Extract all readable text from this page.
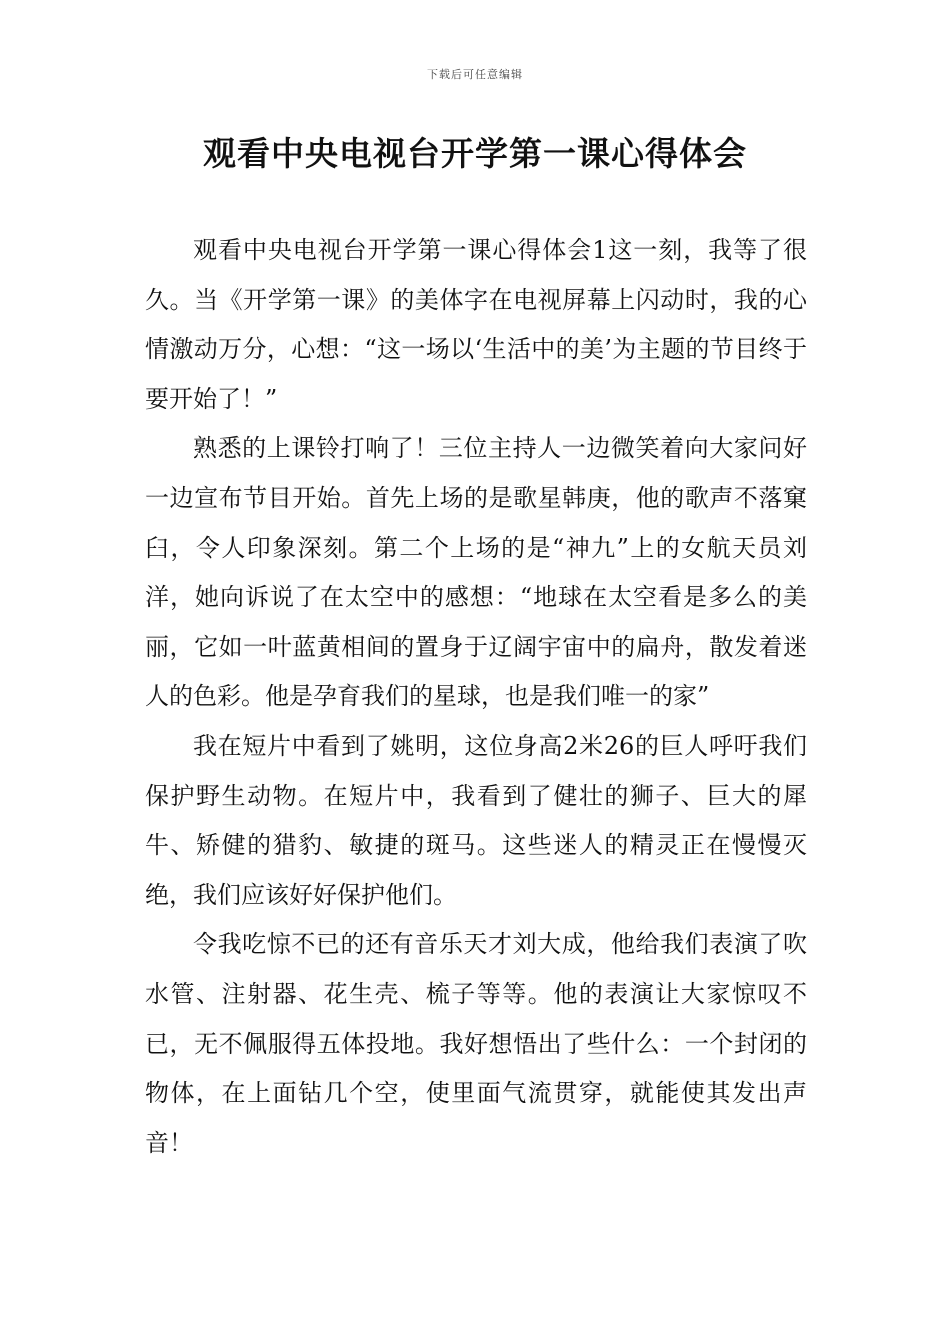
下载后可任意编辑
观看中央电视台开学第一课心得体会

观看中央电视台开学第一课心得体会1这一刻，我等了很久。当《开学第一课》的美体字在电视屏幕上闪动时，我的心情激动万分，心想：“这一场以‘生活中的美’为主题的节目终于要开始了！”

熟悉的上课铃打响了！三位主持人一边微笑着向大家问好一边宣布节目开始。首先上场的是歌星韩庚，他的歌声不落窠臼，令人印象深刻。第二个上场的是“神九”上的女航天员刘洋，她向诉说了在太空中的感想：“地球在太空看是多么的美丽，它如一叶蓝黄相间的置身于辽阔宇宙中的扁舟，散发着迷人的色彩。他是孕育我们的星球，也是我们唯一的家”

我在短片中看到了姚明，这位身高2米26的巨人呼吁我们保护野生动物。在短片中，我看到了健壮的狮子、巨大的犀牛、矫健的猎豹、敏捷的斑马。这些迷人的精灵正在慢慢灭绝，我们应该好好保护他们。

令我吃惊不已的还有音乐天才刘大成，他给我们表演了吹水管、注射器、花生壳、梳子等等。他的表演让大家惊叹不已，无不佩服得五体投地。我好想悟出了些什么：一个封闭的物体，在上面钻几个空，使里面气流贯穿，就能使其发出声音！
